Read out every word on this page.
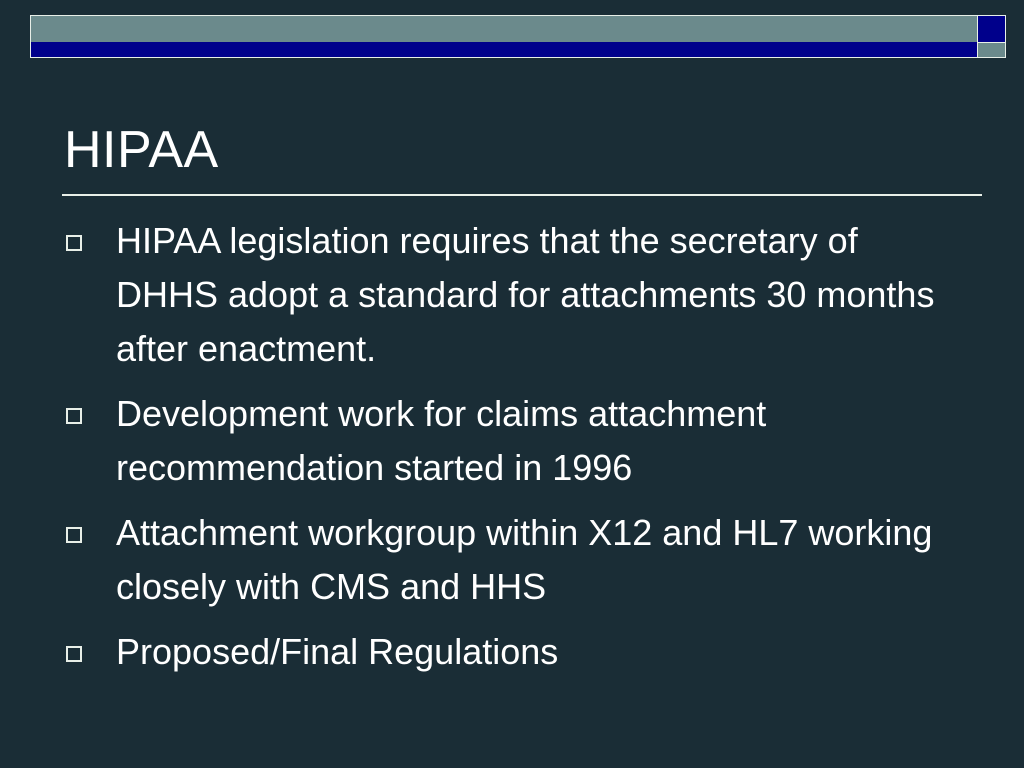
HIPAA
HIPAA legislation requires that the secretary of DHHS adopt a standard for attachments 30 months after enactment.
Development work for claims attachment recommendation started in 1996
Attachment workgroup within X12 and HL7 working closely with CMS and HHS
Proposed/Final Regulations
